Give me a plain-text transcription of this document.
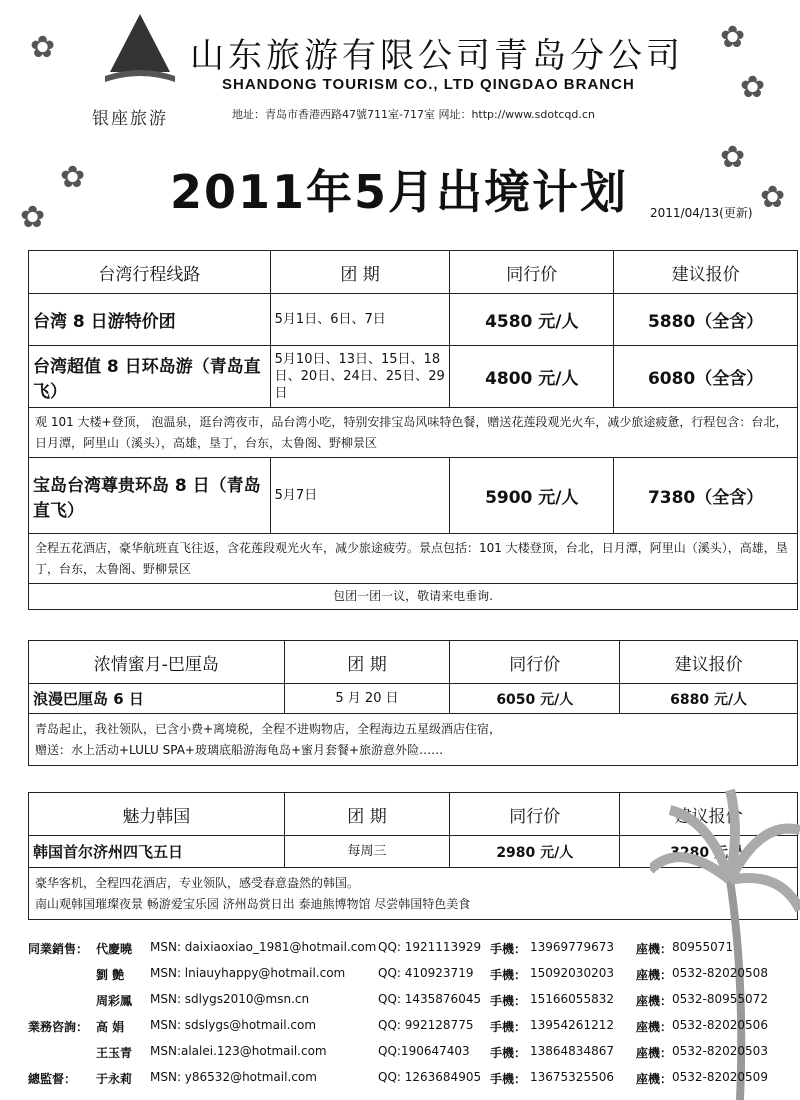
✿
✿
✿
✿
✿
✿
✿
山东旅游有限公司青岛分公司
SHANDONG TOURISM CO., LTD QINGDAO BRANCH
银座旅游	地址：青岛市香港西路47號711室-717室 网址：http://www.sdotcqd.cn
2011年5月出境计划 2011/04/13(更新)
台湾行程线路	团 期	同行价	建议报价
台湾 8 日游特价团	5月1日、6日、7日	4580 元/人	5880（全含）
台湾超值 8 日环岛游（青岛直飞）	5月10日、13日、15日、18日、20日、24日、25日、29日	4800 元/人	6080（全含）
观 101 大楼+登顶， 泡温泉，逛台湾夜市，品台湾小吃，特别安排宝岛风味特色餐，赠送花莲段观光火车，减少旅途疲惫，行程包含：台北，日月潭，阿里山（溪头），高雄，垦丁，台东，太鲁阁、野柳景区			
宝岛台湾尊贵环岛 8 日（青岛直飞）	5月7日	5900 元/人	7380（全含）
全程五花酒店，豪华航班直飞往返，含花莲段观光火车，减少旅途疲劳。景点包括：101 大楼登顶，台北，日月潭，阿里山（溪头），高雄，垦丁，台东，太鲁阁、野柳景区			
包团一团一议，敬请来电垂询.			
浓情蜜月-巴厘岛	团 期	同行价	建议报价
浪漫巴厘岛 6 日	5 月 20 日	6050 元/人	6880 元/人

青岛起止，我社领队，已含小费+离境税，全程不进购物店，全程海边五星级酒店住宿，
赠送：水上活动+LULU SPA+玻璃底船游海龟岛+蜜月套餐+旅游意外险……			
魅力韩国	团 期	同行价	建议报价
韩国首尔济州四飞五日	每周三	2980 元/人	3280 元/人

豪华客机，全程四花酒店，专业领队，感受春意盎然的韩国。
南山观韩国璀璨夜景 畅游爱宝乐园 济州岛赏日出 泰迪熊博物馆 尽尝韩国特色美食			
同業銷售： 代慶曉 MSN: daixiaoxiao_1981@hotmail.com QQ: 1921113929 手機： 13969779673 座機： 80955071
劉 艶 MSN: lniauyhappy@hotmail.com	QQ: 410923719 手機： 15092030203 座機： 0532-82020508
周彩鳳 MSN: sdlygs2010@msn.cn	QQ: 1435876045 手機： 15166055832 座機： 0532-80955072
業務咨詢： 高 娟 MSN: sdslygs@hotmail.com	QQ: 992128775 手機： 13954261212 座機： 0532-82020506
王玉青 MSN:alalei.123@hotmail.com	QQ:190647403 手機： 13864834867 座機： 0532-82020503
總監督： 于永莉 MSN: y86532@hotmail.com	QQ: 1263684905 手機： 13675325506 座機： 0532-82020509
